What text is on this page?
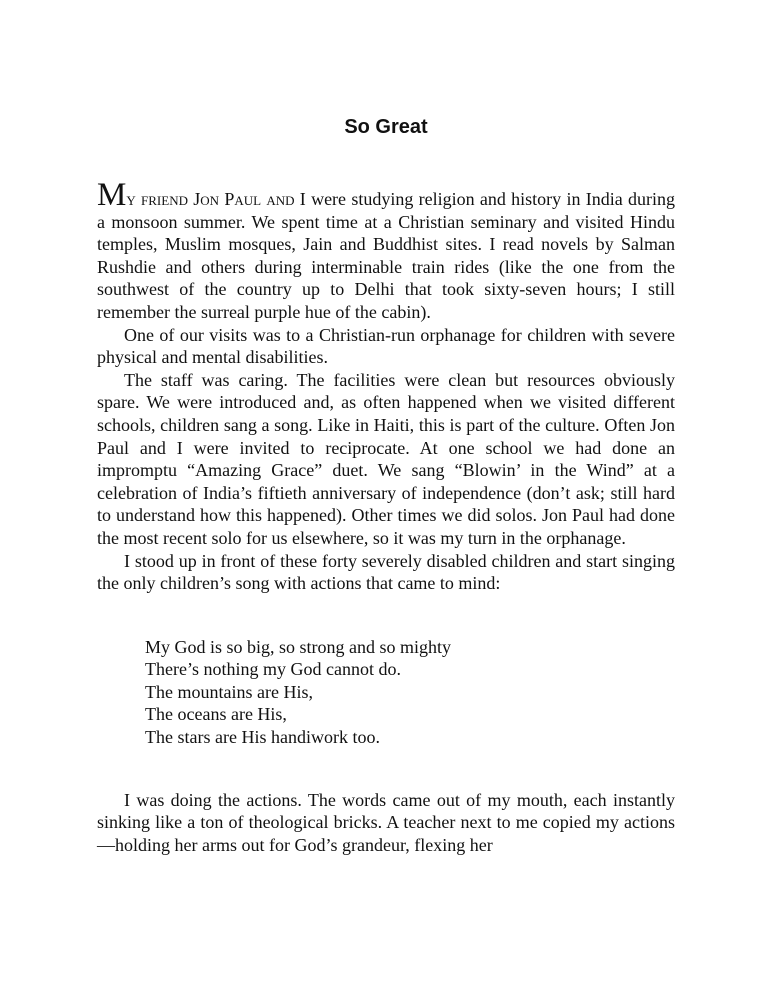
So Great

My friend Jon Paul and I were studying religion and history in India during a monsoon summer. We spent time at a Christian seminary and visited Hindu temples, Muslim mosques, Jain and Buddhist sites. I read novels by Salman Rushdie and others during interminable train rides (like the one from the southwest of the country up to Delhi that took sixty-seven hours; I still remember the surreal purple hue of the cabin).

One of our visits was to a Christian-run orphanage for children with severe physical and mental disabilities.

The staff was caring. The facilities were clean but resources obviously spare. We were introduced and, as often happened when we visited different schools, children sang a song. Like in Haiti, this is part of the culture. Often Jon Paul and I were invited to reciprocate. At one school we had done an impromptu “Amazing Grace” duet. We sang “Blowin’ in the Wind” at a celebration of India’s fiftieth anniversary of independence (don’t ask; still hard to understand how this happened). Other times we did solos. Jon Paul had done the most recent solo for us elsewhere, so it was my turn in the orphanage.

I stood up in front of these forty severely disabled children and start singing the only children’s song with actions that came to mind:

My God is so big, so strong and so mighty
There’s nothing my God cannot do.
The mountains are His,
The oceans are His,
The stars are His handiwork too.

I was doing the actions. The words came out of my mouth, each instantly sinking like a ton of theological bricks. A teacher next to me copied my actions—holding her arms out for God’s grandeur, flexing her
